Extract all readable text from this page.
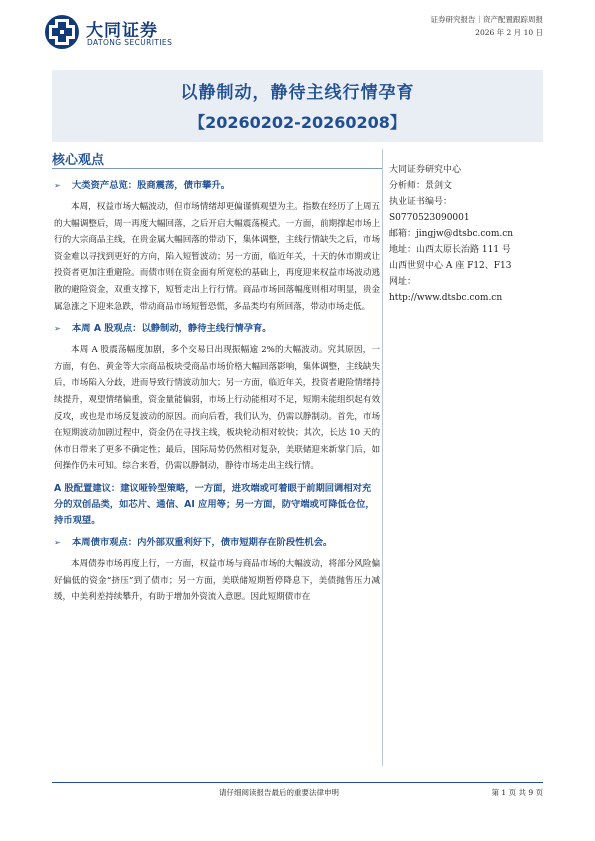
大同证券
DATONG SECURITIES
证券研究报告｜资产配置跟踪周报
2026 年 2 月 10 日
以静制动，静待主线行情孕育
【20260202-20260208】
核心观点
➢	大类资产总览：股商震荡，债市攀升。
本周，权益市场大幅波动，但市场情绪却更偏谨慎观望为主。指数在经历了上周五的大幅调整后，周一再度大幅回落，之后开启大幅震荡模式。一方面，前期撑起市场上行的大宗商品主线，在贵金属大幅回落的带动下，集体调整，主线行情缺失之后，市场资金难以寻找到更好的方向，陷入短暂波动；另一方面，临近年关，十天的休市期或让投资者更加注重避险。而债市则在资金面有所宽松的基础上，再度迎来权益市场波动逃散的避险资金，双重支撑下，短暂走出上行行情。商品市场回落幅度则相对明显，贵金属急涨之下迎来急跌，带动商品市场短暂恐慌，多品类均有所回落，带动市场走低。
➢	本周 A 股观点：以静制动，静待主线行情孕育。
本周 A 股震荡幅度加剧，多个交易日出现振幅逾 2%的大幅波动。究其原因，一方面，有色、黄金等大宗商品板块受商品市场价格大幅回落影响，集体调整，主线缺失后，市场陷入分歧，进而导致行情波动加大；另一方面，临近年关，投资者避险情绪持续提升，观望情绪偏重，资金量能偏弱，市场上行动能相对不足，短期未能组织起有效反攻，或也是市场反复波动的原因。而向后看，我们认为，仍需以静制动。首先，市场在短期波动加剧过程中，资金仍在寻找主线，板块轮动相对较快；其次，长达 10 天的休市日带来了更多不确定性；最后，国际局势仍然相对复杂，美联储迎来新掌门后，如何操作仍未可知。综合来看，仍需以静制动，静待市场走出主线行情。
A 股配置建议：建议哑铃型策略，一方面，进攻端或可着眼于前期回调相对充分的双创品类，如芯片、通信、AI 应用等；另一方面，防守端或可降低仓位，持币观望。
➢	本周债市观点：内外部双重利好下，债市短期存在阶段性机会。
本周债券市场再度上行，一方面，权益市场与商品市场的大幅波动，将部分风险偏好偏低的资金“挤压”到了债市；另一方面，美联储短期暂停降息下，美债抛售压力减缓，中美利差持续攀升，有助于增加外资流入意愿。因此短期债市在
大同证券研究中心
分析师：景剑文
执业证书编号：
S0770523090001
邮箱：jingjw@dtsbc.com.cn
地址：山西太原长治路 111 号
山西世贸中心 A 座 F12、F13
网址：
http://www.dtsbc.com.cn
请仔细阅读报告最后的重要法律申明	第 1 页 共 9 页
